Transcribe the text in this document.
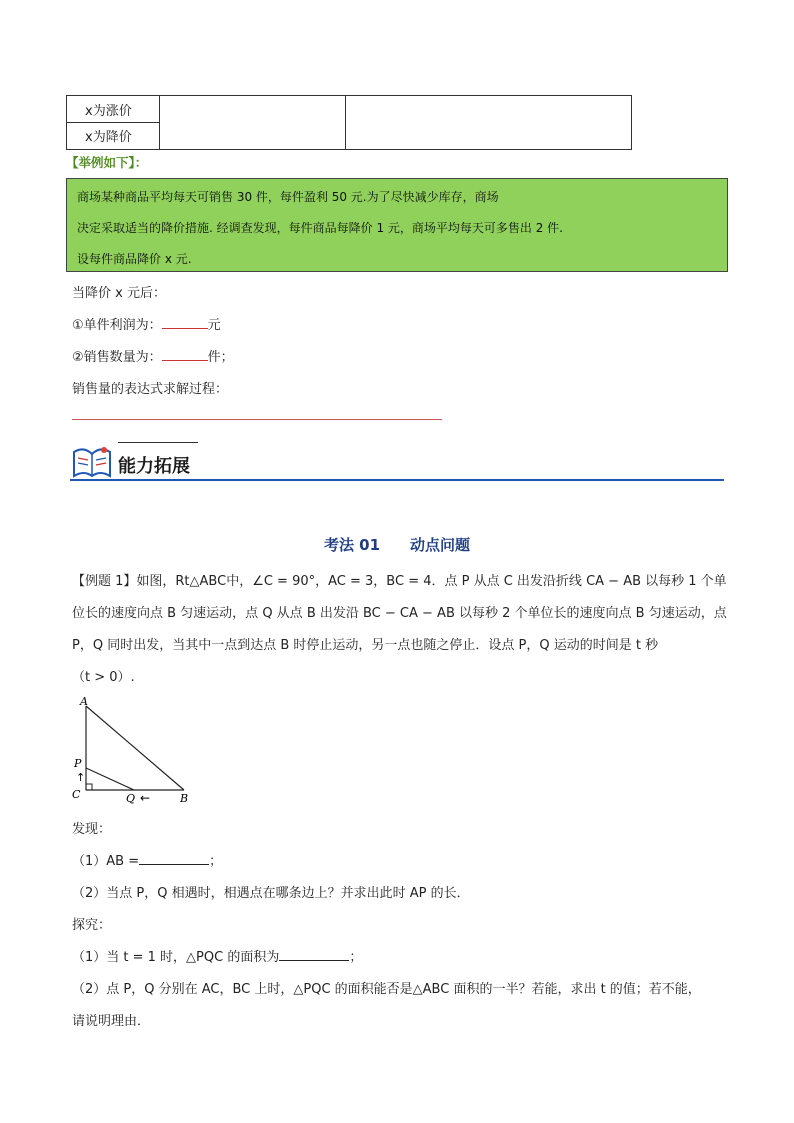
x为涨价
x为降价
【举例如下】：
商场某种商品平均每天可销售 30 件，每件盈利 50 元.为了尽快减少库存，商场
决定采取适当的降价措施. 经调查发现，每件商品每降价 1 元，商场平均每天可多售出 2 件.
设每件商品降价 x 元.
当降价 x 元后：
①单件利润为：	元
②销售数量为：	件；
销售量的表达式求解过程：
能力拓展
考法 01　　动点问题
【例题 1】如图，Rt△ABC中，∠C = 90°，AC = 3，BC = 4．点 P 从点 C 出发沿折线 CA − AB 以每秒 1 个单
位长的速度向点 B 匀速运动，点 Q 从点 B 出发沿 BC − CA − AB 以每秒 2 个单位长的速度向点 B 匀速运动，点
P，Q 同时出发，当其中一点到达点 B 时停止运动，另一点也随之停止．设点 P，Q 运动的时间是 t 秒
（t > 0）.
A
P
↑
C	Q ←	B
发现：
（1）AB =	；
（2）当点 P，Q 相遇时，相遇点在哪条边上？并求出此时 AP 的长．
探究：
（1）当 t = 1 时，△PQC 的面积为	；
（2）点 P，Q 分别在 AC，BC 上时，△PQC 的面积能否是△ABC 面积的一半？若能，求出 t 的值；若不能，
请说明理由．
